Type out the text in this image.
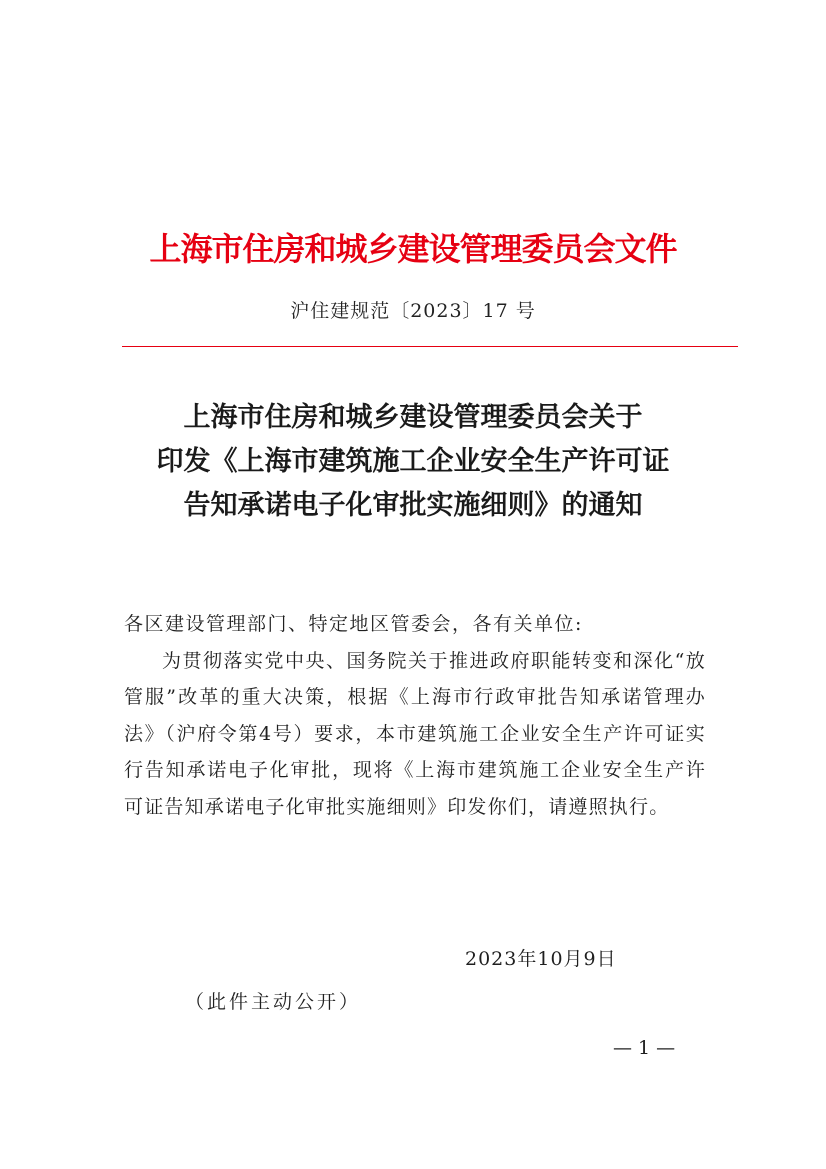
上海市住房和城乡建设管理委员会文件
沪住建规范〔2023〕17 号
上海市住房和城乡建设管理委员会关于
印发《上海市建筑施工企业安全生产许可证
告知承诺电子化审批实施细则》的通知
各区建设管理部门、特定地区管委会，各有关单位:
为贯彻落实党中央、国务院关于推进政府职能转变和深化“放管服”改革的重大决策，根据《上海市行政审批告知承诺管理办法》（沪府令第4号）要求，本市建筑施工企业安全生产许可证实行告知承诺电子化审批，现将《上海市建筑施工企业安全生产许可证告知承诺电子化审批实施细则》印发你们，请遵照执行。
2023年10月9日
（此件主动公开）
— 1 —
